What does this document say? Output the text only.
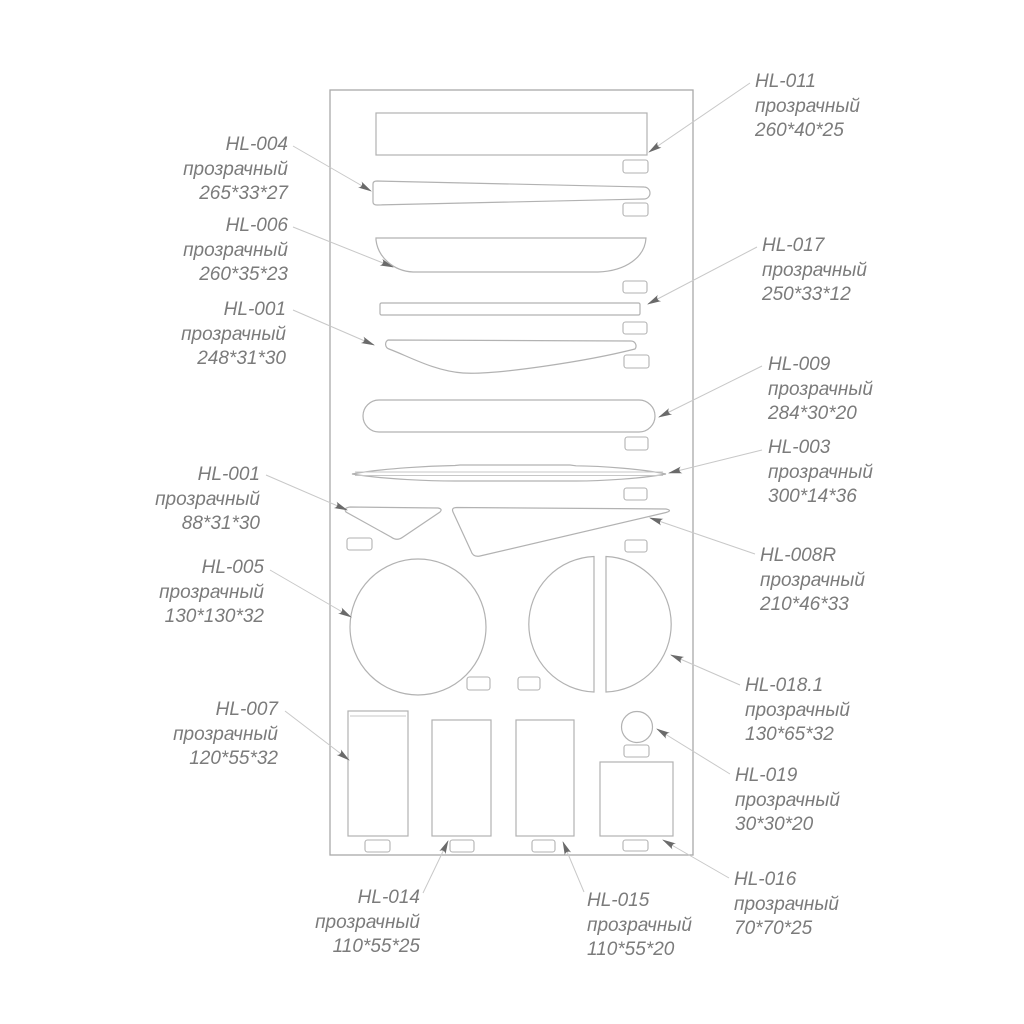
HL-004
прозрачный
265*33*27
HL-006
прозрачный
260*35*23
HL-001
прозрачный
248*31*30
HL-001
прозрачный
88*31*30
HL-005
прозрачный
130*130*32
HL-007
прозрачный
120*55*32
HL-014
прозрачный
110*55*25
HL-015
прозрачный
110*55*20
HL-011
прозрачный
260*40*25
HL-017
прозрачный
250*33*12
HL-009
прозрачный
284*30*20
HL-003
прозрачный
300*14*36
HL-008R
прозрачный
210*46*33
HL-018.1
прозрачный
130*65*32
HL-019
прозрачный
30*30*20
HL-016
прозрачный
70*70*25
